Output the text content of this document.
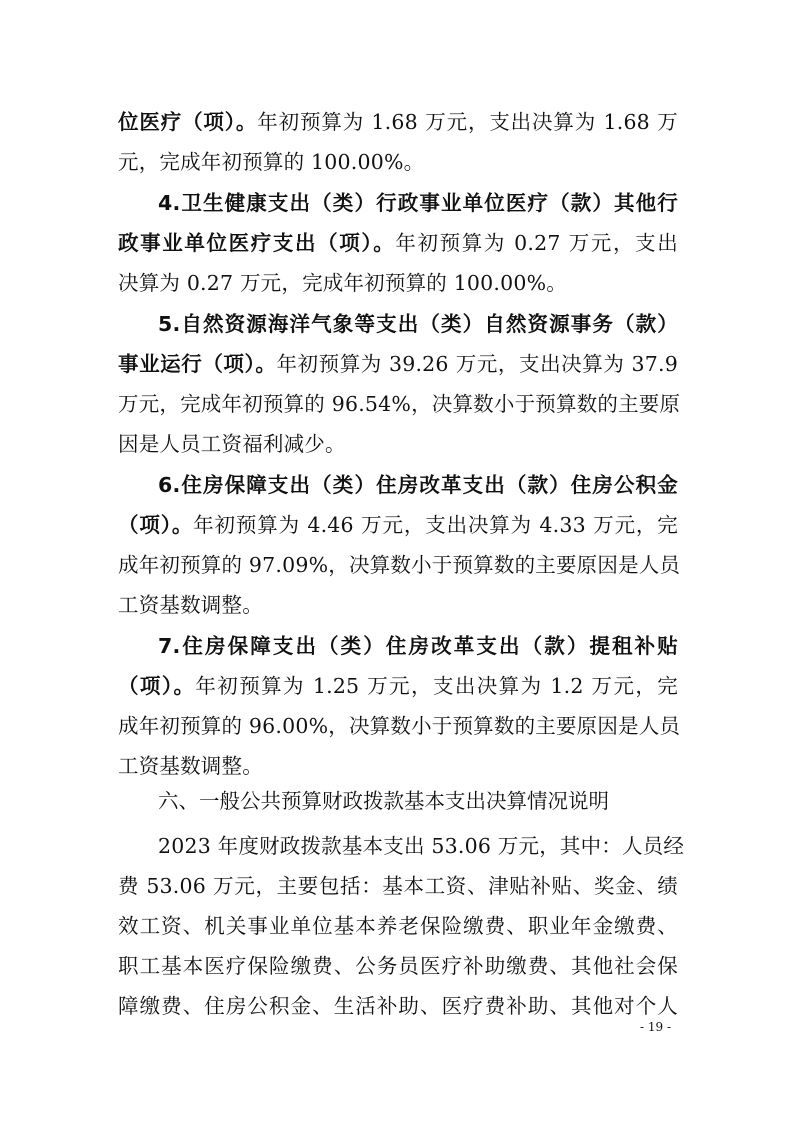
位医疗（项）。年初预算为 1.68 万元，支出决算为 1.68 万
元，完成年初预算的 100.00%。
4.卫生健康支出（类）行政事业单位医疗（款）其他行
政事业单位医疗支出（项）。年初预算为 0.27 万元，支出
决算为 0.27 万元，完成年初预算的 100.00%。
5.自然资源海洋气象等支出（类）自然资源事务（款）
事业运行（项）。年初预算为 39.26 万元，支出决算为 37.9
万元，完成年初预算的 96.54%，决算数小于预算数的主要原
因是人员工资福利减少。
6.住房保障支出（类）住房改革支出（款）住房公积金
（项）。年初预算为 4.46 万元，支出决算为 4.33 万元，完
成年初预算的 97.09%，决算数小于预算数的主要原因是人员
工资基数调整。
7.住房保障支出（类）住房改革支出（款）提租补贴
（项）。年初预算为 1.25 万元，支出决算为 1.2 万元，完
成年初预算的 96.00%，决算数小于预算数的主要原因是人员
工资基数调整。
六、一般公共预算财政拨款基本支出决算情况说明
2023 年度财政拨款基本支出 53.06 万元，其中：人员经
费 53.06 万元，主要包括：基本工资、津贴补贴、奖金、绩
效工资、机关事业单位基本养老保险缴费、职业年金缴费、
职工基本医疗保险缴费、公务员医疗补助缴费、其他社会保
障缴费、住房公积金、生活补助、医疗费补助、其他对个人
- 19 -
